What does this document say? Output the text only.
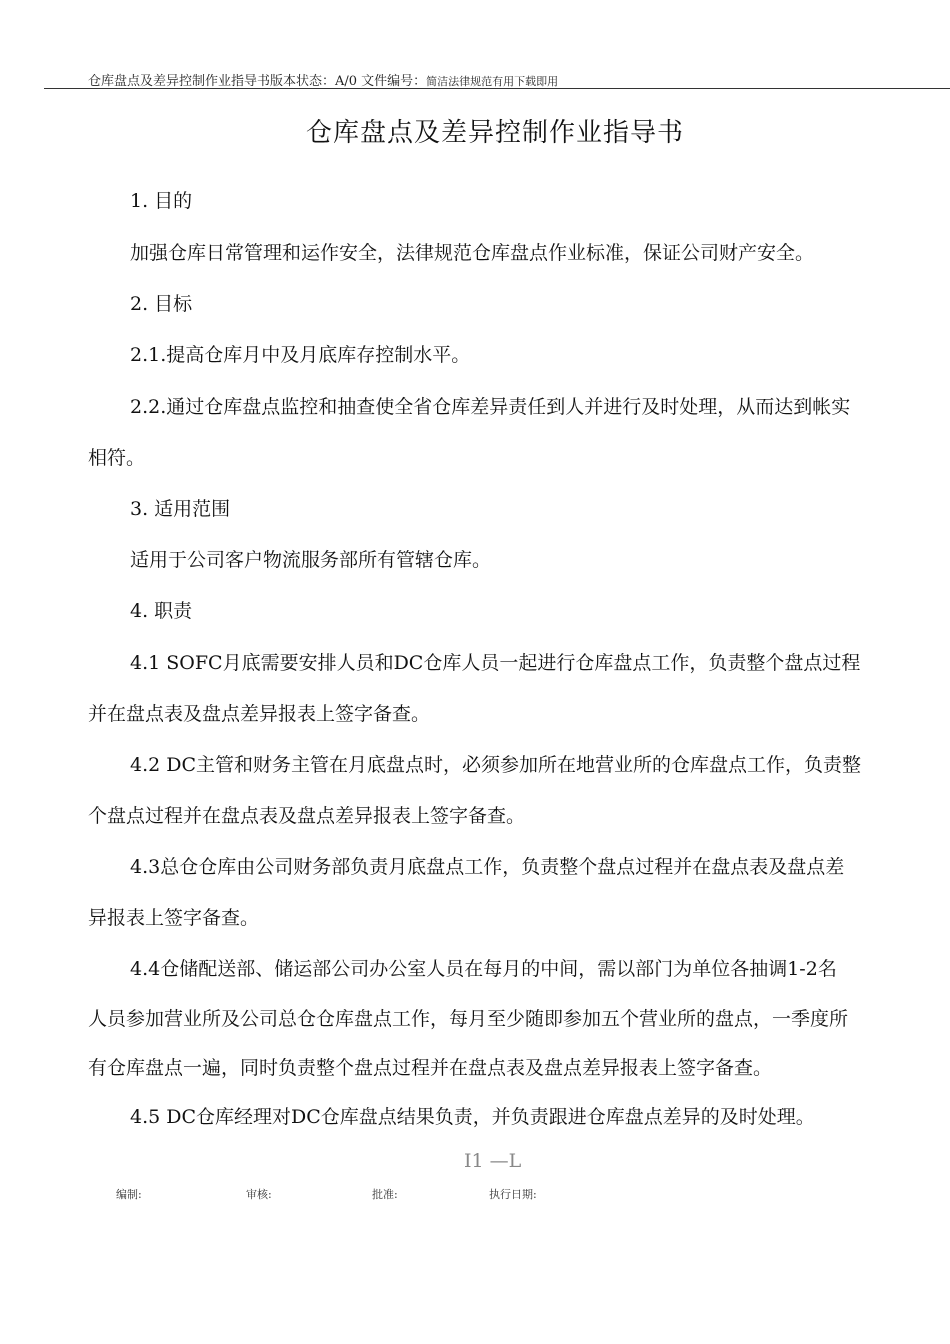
仓库盘点及差异控制作业指导书版本状态：A/0 文件编号：简洁法律规范有用下载即用
仓库盘点及差异控制作业指导书
1. 目的
加强仓库日常管理和运作安全，法律规范仓库盘点作业标准，保证公司财产安全。
2. 目标
2.1.提高仓库月中及月底库存控制水平。
2.2.通过仓库盘点监控和抽查使全省仓库差异责任到人并进行及时处理，从而达到帐实
相符。
3. 适用范围
适用于公司客户物流服务部所有管辖仓库。
4. 职责
4.1 SOFC月底需要安排人员和DC仓库人员一起进行仓库盘点工作，负责整个盘点过程
并在盘点表及盘点差异报表上签字备查。
4.2 DC主管和财务主管在月底盘点时，必须参加所在地营业所的仓库盘点工作，负责整
个盘点过程并在盘点表及盘点差异报表上签字备查。
4.3总仓仓库由公司财务部负责月底盘点工作，负责整个盘点过程并在盘点表及盘点差
异报表上签字备查。
4.4仓储配送部、储运部公司办公室人员在每月的中间，需以部门为单位各抽调1-2名
人员参加营业所及公司总仓仓库盘点工作，每月至少随即参加五个营业所的盘点，一季度所
有仓库盘点一遍，同时负责整个盘点过程并在盘点表及盘点差异报表上签字备查。
4.5 DC仓库经理对DC仓库盘点结果负责，并负责跟进仓库盘点差异的及时处理。
I1 —L
编制:	审核:	批准:	执行日期:
